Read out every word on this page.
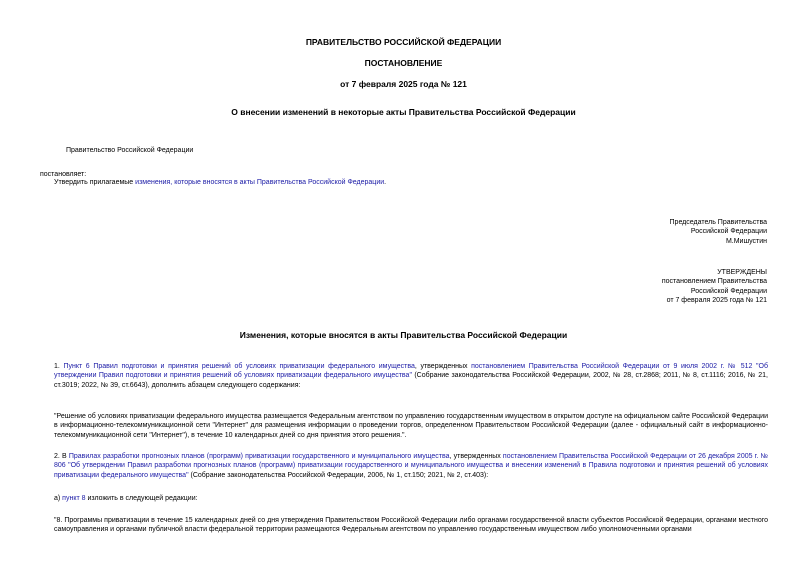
ПРАВИТЕЛЬСТВО РОССИЙСКОЙ ФЕДЕРАЦИИ
ПОСТАНОВЛЕНИЕ
от 7 февраля 2025 года № 121
О внесении изменений в некоторые акты Правительства Российской Федерации
Правительство Российской Федерации
постановляет:
Утвердить прилагаемые изменения, которые вносятся в акты Правительства Российской Федерации.
Председатель Правительства
Российской Федерации
М.Мишустин
УТВЕРЖДЕНЫ
постановлением Правительства
Российской Федерации
от 7 февраля 2025 года № 121
Изменения, которые вносятся в акты Правительства Российской Федерации
1. Пункт 6 Правил подготовки и принятия решений об условиях приватизации федерального имущества, утвержденных постановлением Правительства Российской Федерации от 9 июля 2002 г. № 512 "Об утверждении Правил подготовки и принятия решений об условиях приватизации федерального имущества" (Собрание законодательства Российской Федерации, 2002, № 28, ст.2868; 2011, № 8, ст.1116; 2016, № 21, ст.3019; 2022, № 39, ст.6643), дополнить абзацем следующего содержания:
"Решение об условиях приватизации федерального имущества размещается Федеральным агентством по управлению государственным имуществом в открытом доступе на официальном сайте Российской Федерации в информационно-телекоммуникационной сети "Интернет" для размещения информации о проведении торгов, определенном Правительством Российской Федерации (далее - официальный сайт в информационно-телекоммуникационной сети "Интернет"), в течение 10 календарных дней со дня принятия этого решения.".
2. В Правилах разработки прогнозных планов (программ) приватизации государственного и муниципального имущества, утвержденных постановлением Правительства Российской Федерации от 26 декабря 2005 г. № 806 "Об утверждении Правил разработки прогнозных планов (программ) приватизации государственного и муниципального имущества и внесении изменений в Правила подготовки и принятия решений об условиях приватизации федерального имущества" (Собрание законодательства Российской Федерации, 2006, № 1, ст.150; 2021, № 2, ст.403):
а) пункт 8 изложить в следующей редакции:
"8. Программы приватизации в течение 15 календарных дней со дня утверждения Правительством Российской Федерации либо органами государственной власти субъектов Российской Федерации, органами местного самоуправления и органами публичной власти федеральной территории размещаются Федеральным агентством по управлению государственным имуществом либо уполномоченными органами
